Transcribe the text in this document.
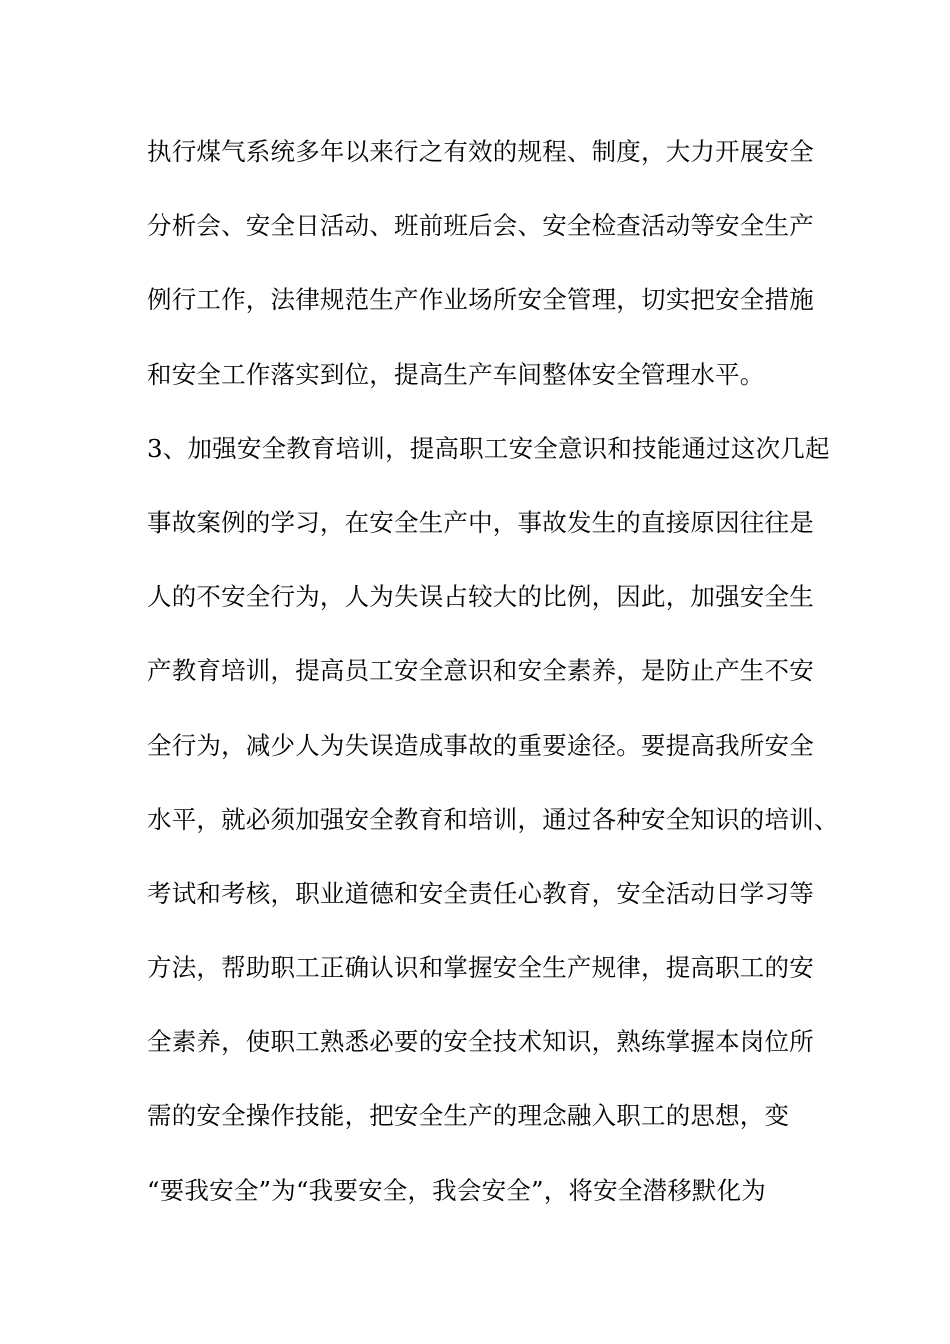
执行煤气系统多年以来行之有效的规程、制度，大力开展安全
分析会、安全日活动、班前班后会、安全检查活动等安全生产
例行工作，法律规范生产作业场所安全管理，切实把安全措施
和安全工作落实到位，提高生产车间整体安全管理水平。
3、加强安全教育培训，提高职工安全意识和技能通过这次几起
事故案例的学习，在安全生产中，事故发生的直接原因往往是
人的不安全行为，人为失误占较大的比例，因此，加强安全生
产教育培训，提高员工安全意识和安全素养，是防止产生不安
全行为，减少人为失误造成事故的重要途径。要提高我所安全
水平，就必须加强安全教育和培训，通过各种安全知识的培训、
考试和考核，职业道德和安全责任心教育，安全活动日学习等
方法，帮助职工正确认识和掌握安全生产规律，提高职工的安
全素养，使职工熟悉必要的安全技术知识，熟练掌握本岗位所
需的安全操作技能，把安全生产的理念融入职工的思想，变
“要我安全”为“我要安全，我会安全”，将安全潜移默化为
